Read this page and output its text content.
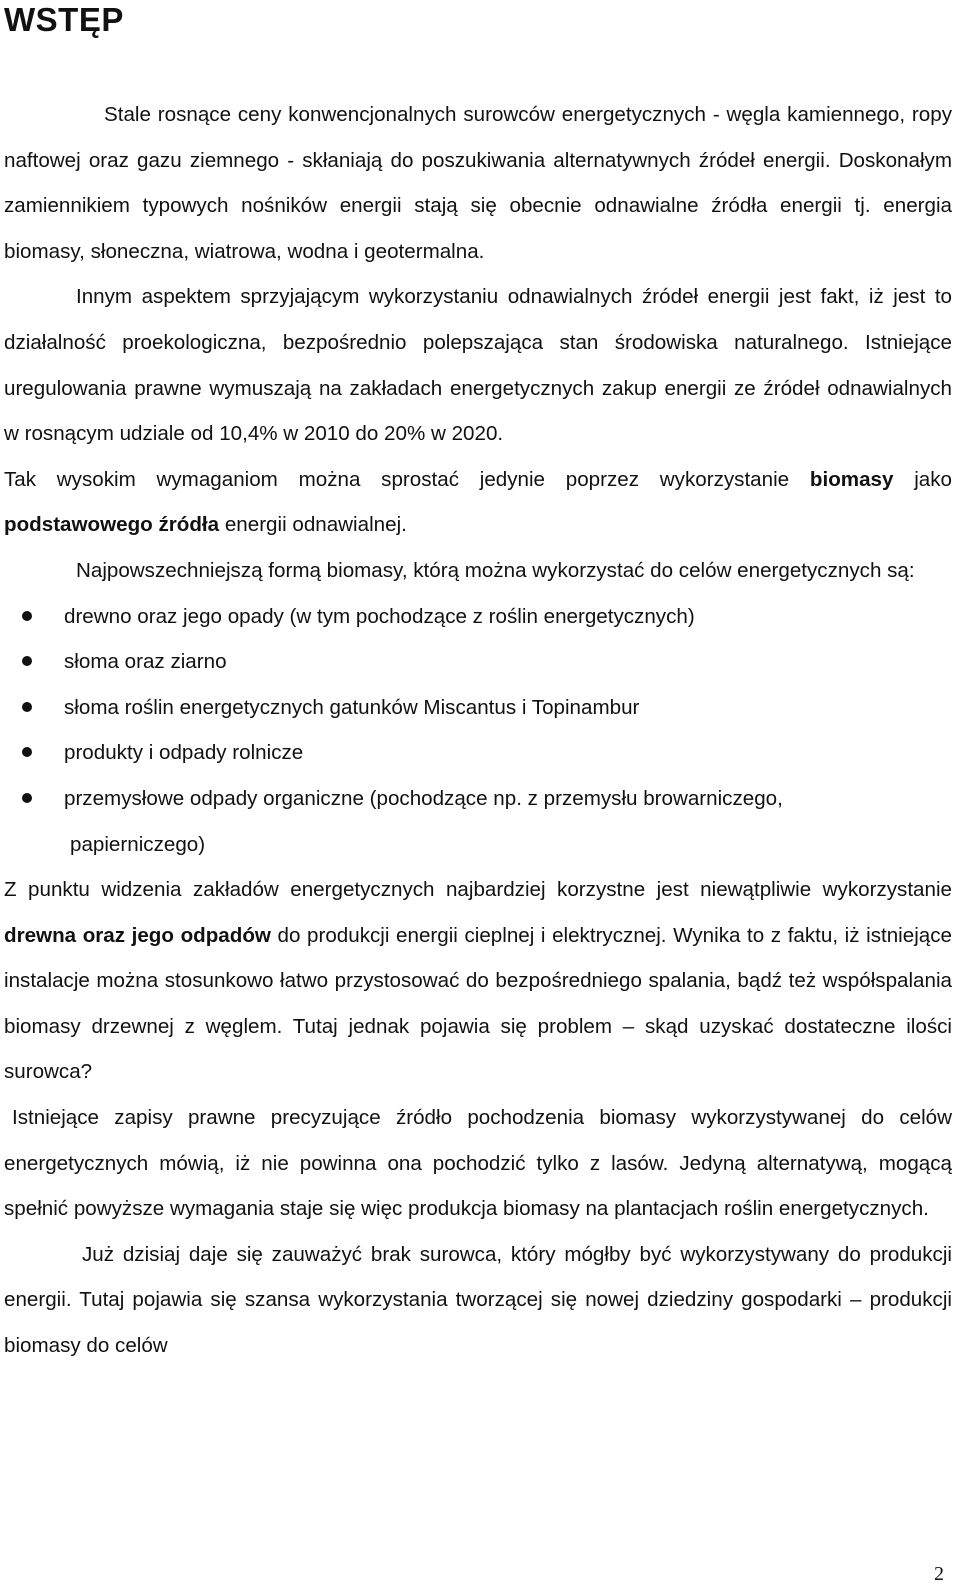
WSTĘP

Stale rosnące ceny konwencjonalnych surowców energetycznych - węgla kamiennego, ropy naftowej oraz gazu ziemnego - skłaniają do poszukiwania alternatywnych źródeł energii. Doskonałym zamiennikiem typowych nośników energii stają się obecnie odnawialne źródła energii tj. energia biomasy, słoneczna, wiatrowa, wodna i geotermalna.

Innym aspektem sprzyjającym wykorzystaniu odnawialnych źródeł energii jest fakt, iż jest to działalność proekologiczna, bezpośrednio polepszająca stan środowiska naturalnego. Istniejące uregulowania prawne wymuszają na zakładach energetycznych zakup energii ze źródeł odnawialnych w rosnącym udziale od 10,4% w 2010 do 20% w 2020.

Tak wysokim wymaganiom można sprostać jedynie poprzez wykorzystanie biomasy jako podstawowego źródła energii odnawialnej.

Najpowszechniejszą formą biomasy, którą można wykorzystać do celów energetycznych są:

drewno oraz jego opady (w tym pochodzące z roślin energetycznych)
słoma oraz ziarno
słoma roślin energetycznych gatunków Miscantus i Topinambur
produkty i odpady rolnicze
przemysłowe odpady organiczne (pochodzące np. z przemysłu browarniczego,
papierniczego)

Z punktu widzenia zakładów energetycznych najbardziej korzystne jest niewątpliwie wykorzystanie drewna oraz jego odpadów do produkcji energii cieplnej i elektrycznej. Wynika to z faktu, iż istniejące instalacje można stosunkowo łatwo przystosować do bezpośredniego spalania, bądź też współspalania biomasy drzewnej z węglem. Tutaj jednak pojawia się problem – skąd uzyskać dostateczne ilości surowca?

Istniejące zapisy prawne precyzujące źródło pochodzenia biomasy wykorzystywanej do celów energetycznych mówią, iż nie powinna ona pochodzić tylko z lasów. Jedyną alternatywą, mogącą spełnić powyższe wymagania staje się więc produkcja biomasy na plantacjach roślin energetycznych.

Już dzisiaj daje się zauważyć brak surowca, który mógłby być wykorzystywany do produkcji energii. Tutaj pojawia się szansa wykorzystania tworzącej się nowej dziedziny gospodarki – produkcji biomasy do celów

2
